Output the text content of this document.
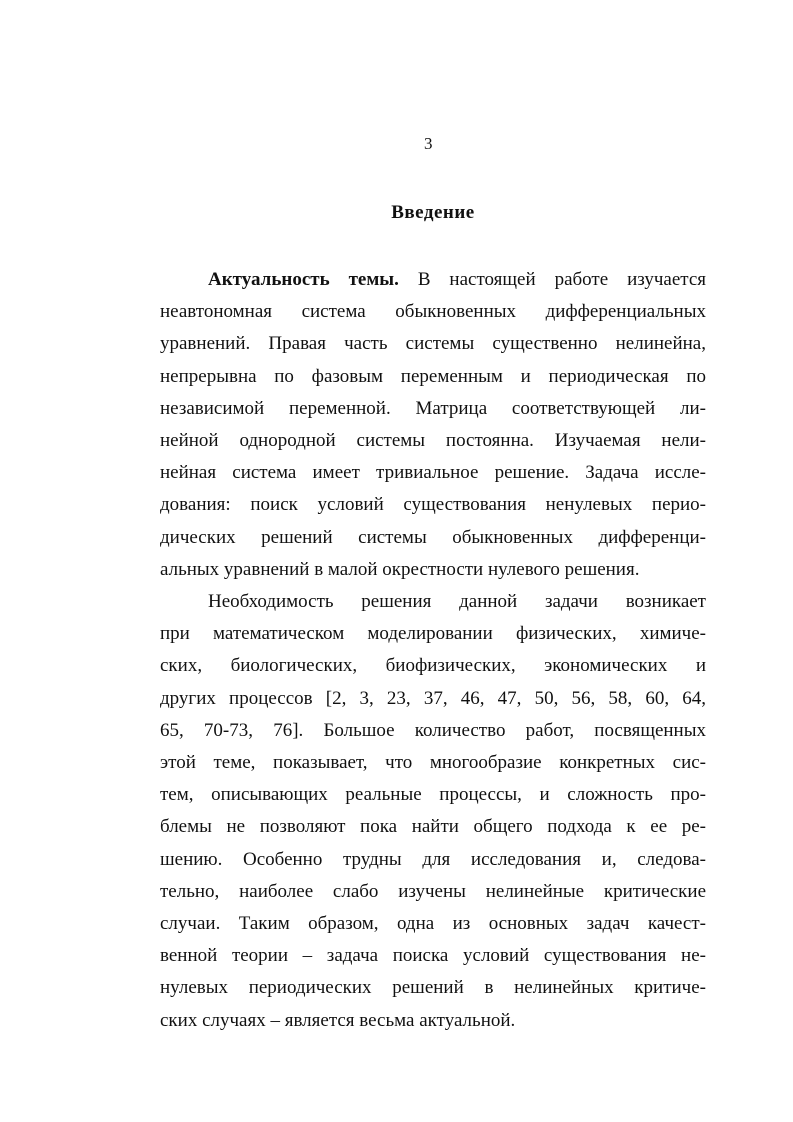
3
Введение
Актуальность темы. В настоящей работе изучается
неавтономная система обыкновенных дифференциальных
уравнений. Правая часть системы существенно нелинейна,
непрерывна по фазовым переменным и периодическая по
независимой переменной. Матрица соответствующей ли-
нейной однородной системы постоянна. Изучаемая нели-
нейная система имеет тривиальное решение. Задача иссле-
дования: поиск условий существования ненулевых перио-
дических решений системы обыкновенных дифференци-
альных уравнений в малой окрестности нулевого решения.
Необходимость решения данной задачи возникает
при математическом моделировании физических, химиче-
ских, биологических, биофизических, экономических и
других процессов [2, 3, 23, 37, 46, 47, 50, 56, 58, 60, 64,
65, 70-73, 76]. Большое количество работ, посвященных
этой теме, показывает, что многообразие конкретных сис-
тем, описывающих реальные процессы, и сложность про-
блемы не позволяют пока найти общего подхода к ее ре-
шению. Особенно трудны для исследования и, следова-
тельно, наиболее слабо изучены нелинейные критические
случаи. Таким образом, одна из основных задач качест-
венной теории – задача поиска условий существования не-
нулевых периодических решений в нелинейных критиче-
ских случаях – является весьма актуальной.
